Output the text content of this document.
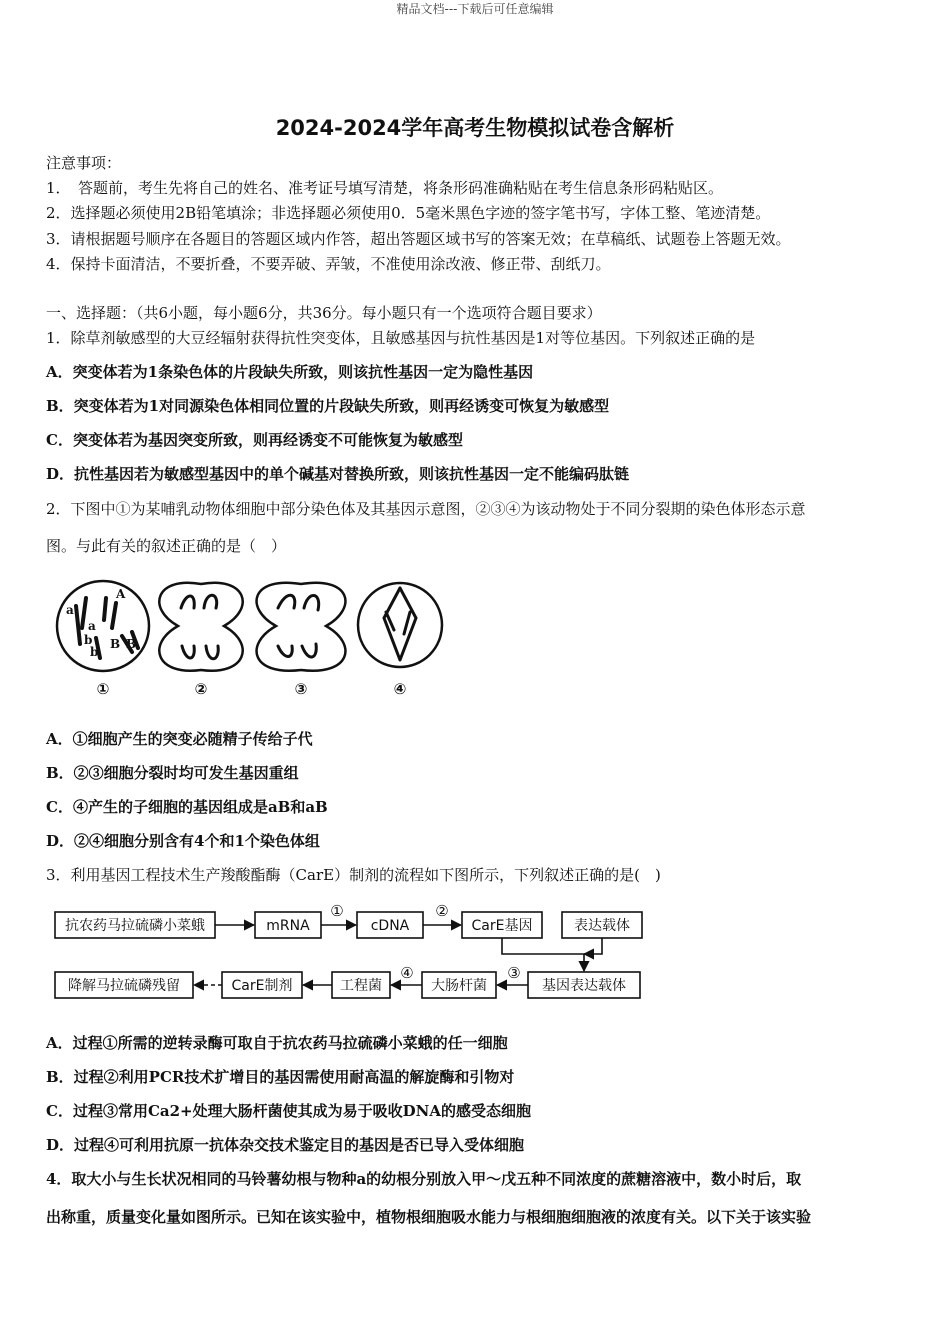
精品文档---下载后可任意编辑
2024-2024学年高考生物模拟试卷含解析
注意事项：
1．　答题前，考生先将自己的姓名、准考证号填写清楚，将条形码准确粘贴在考生信息条形码粘贴区。
2．选择题必须使用2B铅笔填涂；非选择题必须使用0．5毫米黑色字迹的签字笔书写，字体工整、笔迹清楚。
3．请根据题号顺序在各题目的答题区域内作答，超出答题区域书写的答案无效；在草稿纸、试题卷上答题无效。
4．保持卡面清洁，不要折叠，不要弄破、弄皱，不准使用涂改液、修正带、刮纸刀。
一、选择题：（共6小题，每小题6分，共36分。每小题只有一个选项符合题目要求）
1．除草剂敏感型的大豆经辐射获得抗性突变体，且敏感基因与抗性基因是1对等位基因。下列叙述正确的是
A．突变体若为1条染色体的片段缺失所致，则该抗性基因一定为隐性基因
B．突变体若为1对同源染色体相同位置的片段缺失所致，则再经诱变可恢复为敏感型
C．突变体若为基因突变所致，则再经诱变不可能恢复为敏感型
D．抗性基因若为敏感型基因中的单个碱基对替换所致，则该抗性基因一定不能编码肽链
2．下图中①为某哺乳动物体细胞中部分染色体及其基因示意图，②③④为该动物处于不同分裂期的染色体形态示意
图。与此有关的叙述正确的是（　）
a
A
a
b
b
B B
①	②	③	④
A．①细胞产生的突变必随精子传给子代
B．②③细胞分裂时均可发生基因重组
C．④产生的子细胞的基因组成是aB和aB
D．②④细胞分别含有4个和1个染色体组
3．利用基因工程技术生产羧酸酯酶（CarE）制剂的流程如下图所示，下列叙述正确的是(　)
抗农药马拉硫磷小菜蛾	mRNA	cDNA	CarE基因	表达载体
降解马拉硫磷残留	CarE制剂	工程菌	大肠杆菌	基因表达载体
①	②
③
④
A．过程①所需的逆转录酶可取自于抗农药马拉硫磷小菜蛾的任一细胞
B．过程②利用PCR技术扩增目的基因需使用耐高温的解旋酶和引物对
C．过程③常用Ca2+处理大肠杆菌使其成为易于吸收DNA的感受态细胞
D．过程④可利用抗原一抗体杂交技术鉴定目的基因是否已导入受体细胞
4．取大小与生长状况相同的马铃薯幼根与物种a的幼根分别放入甲～戊五种不同浓度的蔗糖溶液中，数小时后，取
出称重，质量变化量如图所示。已知在该实验中，植物根细胞吸水能力与根细胞细胞液的浓度有关。以下关于该实验
